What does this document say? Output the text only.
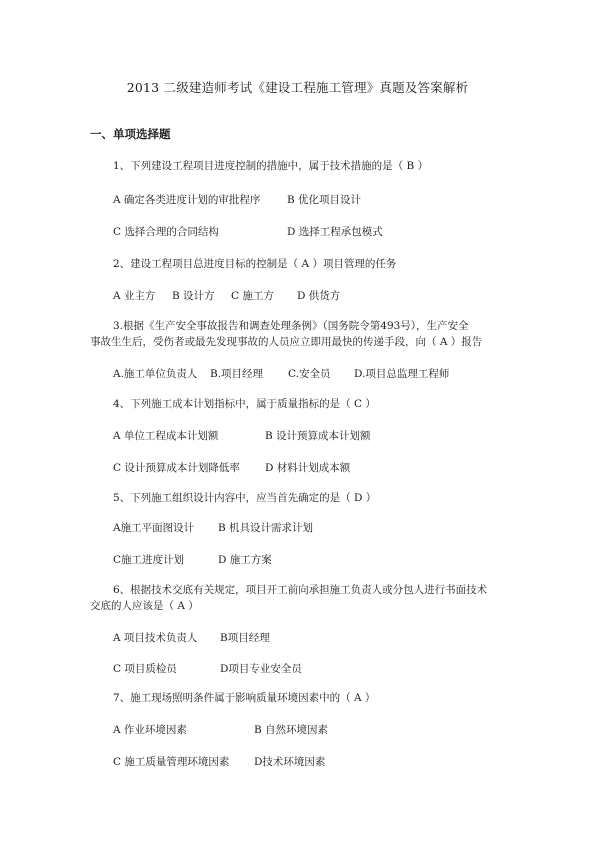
2013 二级建造师考试《建设工程施工管理》真题及答案解析
一、单项选择题
1、下列建设工程项目进度控制的措施中，属于技术措施的是（ B ）
A 确定各类进度计划的审批程序	B 优化项目设计
C 选择合理的合同结构	D 选择工程承包模式
2、建设工程项目总进度目标的控制是（ A ）项目管理的任务
A 业主方 B 设计方 C 施工方 D 供货方
3.根据《生产安全事故报告和调查处理条例》（国务院令第493号），生产安全
事故生生后，受伤者或最先发现事故的人员应立即用最快的传递手段，向（ A ）报告
A.施工单位负责人 B.项目经理 C.安全员 D.项目总监理工程师
4、下列施工成本计划指标中，属于质量指标的是（ C ）
A 单位工程成本计划额	B 设计预算成本计划额
C 设计预算成本计划降低率 D 材料计划成本额
5、下列施工组织设计内容中，应当首先确定的是（ D ）
A施工平面图设计 B 机具设计需求计划
C施工进度计划	D 施工方案
6、根据技术交底有关规定，项目开工前向承担施工负责人或分包人进行书面技术
交底的人应该是（ A ）
A 项目技术负责人 B项目经理
C 项目质检员	D项目专业安全员
7、施工现场照明条件属于影响质量环境因素中的（ A ）
A 作业环境因素	B 自然环境因素
C 施工质量管理环境因素 D技术环境因素
